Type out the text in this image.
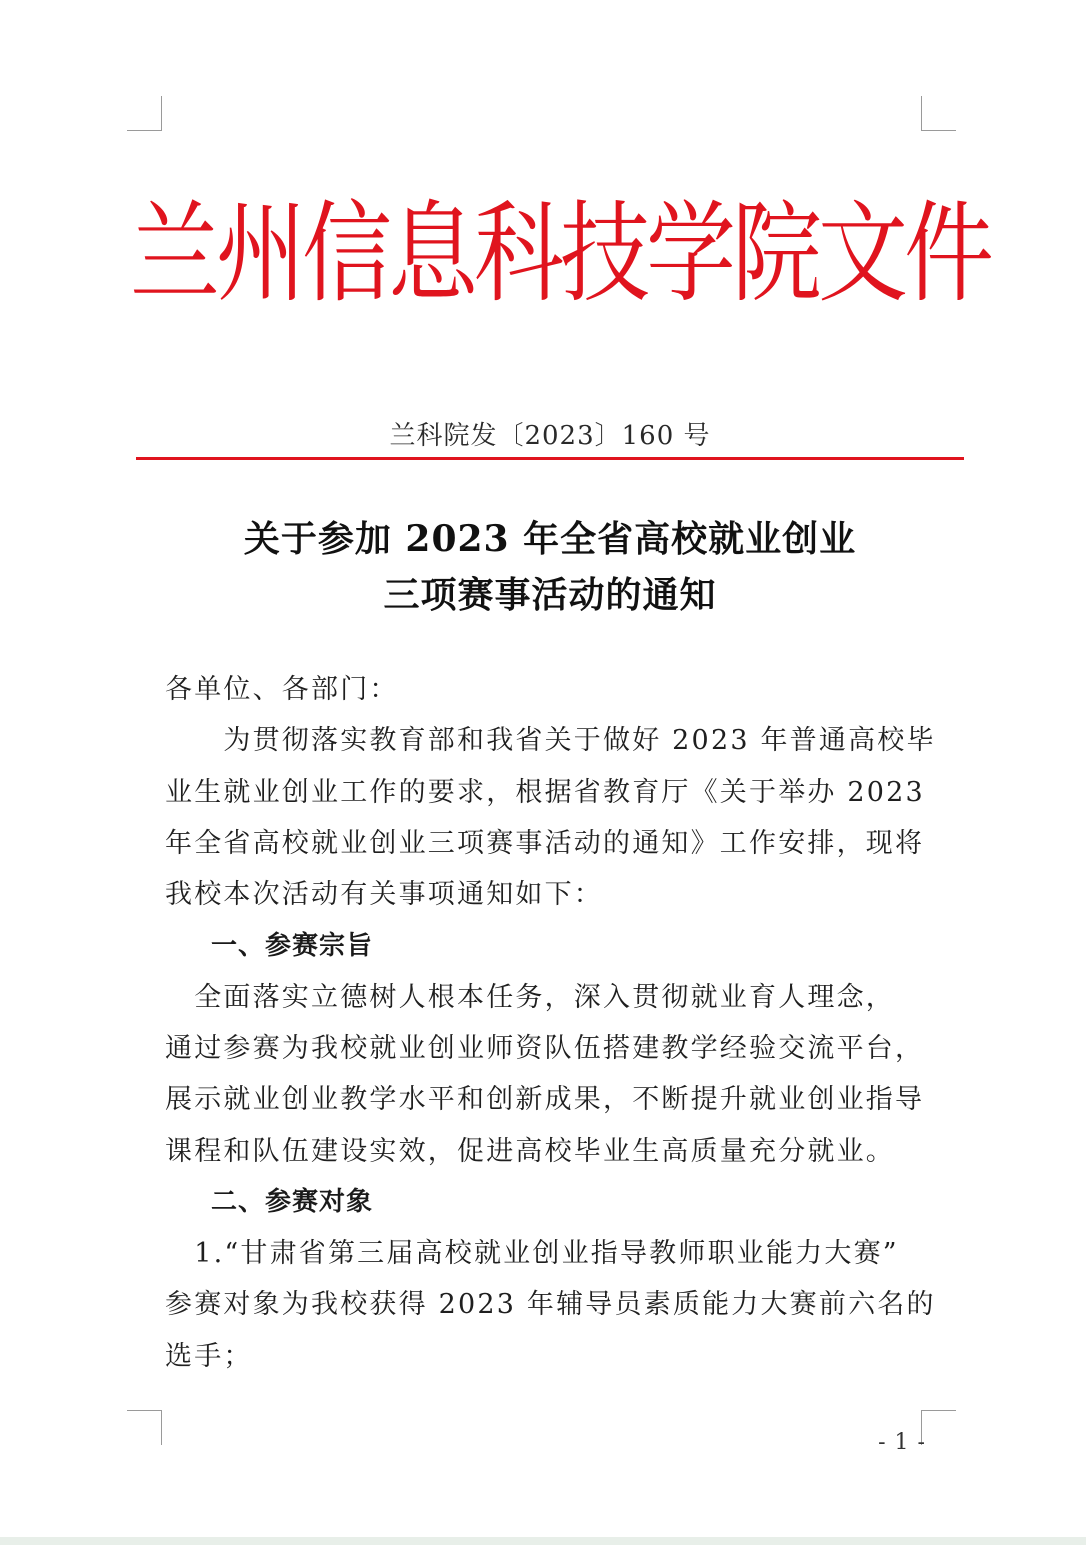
兰州信息科技学院文件
兰科院发〔2023〕160 号
关于参加 2023 年全省高校就业创业
三项赛事活动的通知
各单位、各部门：
　　为贯彻落实教育部和我省关于做好 2023 年普通高校毕
业生就业创业工作的要求，根据省教育厅《关于举办 2023
年全省高校就业创业三项赛事活动的通知》工作安排，现将
我校本次活动有关事项通知如下：
一、参赛宗旨
　全面落实立德树人根本任务，深入贯彻就业育人理念，
通过参赛为我校就业创业师资队伍搭建教学经验交流平台，
展示就业创业教学水平和创新成果，不断提升就业创业指导
课程和队伍建设实效，促进高校毕业生高质量充分就业。
二、参赛对象
　1.“甘肃省第三届高校就业创业指导教师职业能力大赛”
参赛对象为我校获得 2023 年辅导员素质能力大赛前六名的
选手；
- 1 -
